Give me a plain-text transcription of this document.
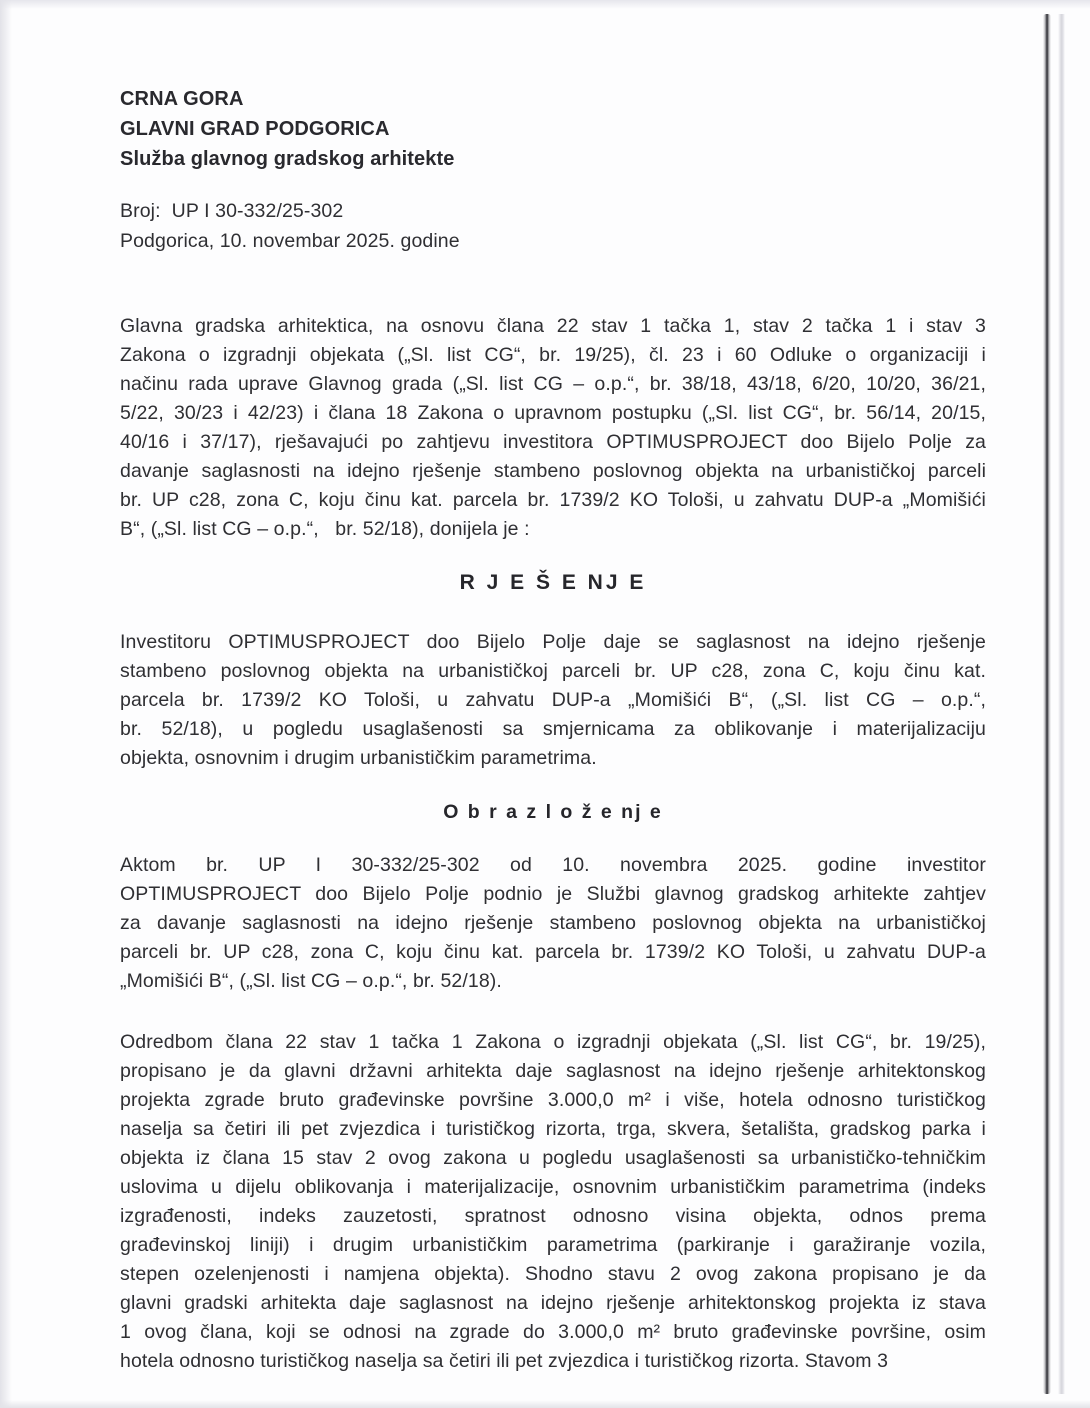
CRNA GORA
GLAVNI GRAD PODGORICA
Služba glavnog gradskog arhitekte
Broj:  UP I 30-332/25-302
Podgorica, 10. novembar 2025. godine
Glavna gradska arhitektica, na osnovu člana 22 stav 1 tačka 1, stav 2 tačka 1 i stav 3
Zakona o izgradnji objekata („Sl. list CG“, br. 19/25), čl. 23 i 60 Odluke o organizaciji i
načinu rada uprave Glavnog grada („Sl. list CG – o.p.“, br. 38/18, 43/18, 6/20, 10/20, 36/21,
5/22, 30/23 i 42/23) i člana 18 Zakona o upravnom postupku („Sl. list CG“, br. 56/14, 20/15,
40/16 i 37/17), rješavajući po zahtjevu investitora OPTIMUSPROJECT doo Bijelo Polje za
davanje saglasnosti na idejno rješenje stambeno poslovnog objekta na urbanističkoj parceli
br. UP c28, zona C, koju činu kat. parcela br. 1739/2 KO Tološi, u zahvatu DUP-a „Momišići
B“, („Sl. list CG – o.p.“,   br. 52/18), donijela je :
R J E Š E NJ E
Investitoru OPTIMUSPROJECT doo Bijelo Polje daje se saglasnost na idejno rješenje
stambeno poslovnog objekta na urbanističkoj parceli br. UP c28, zona C, koju činu kat.
parcela br. 1739/2 KO Tološi, u zahvatu DUP-a „Momišići B“, („Sl. list CG – o.p.“,
br. 52/18), u pogledu usaglašenosti sa smjernicama za oblikovanje i materijalizaciju
objekta, osnovnim i drugim urbanističkim parametrima.
O b r a z l o ž e nj e
Aktom br. UP I 30-332/25-302 od 10. novembra 2025. godine investitor
OPTIMUSPROJECT doo Bijelo Polje podnio je Službi glavnog gradskog arhitekte zahtjev
za davanje saglasnosti na idejno rješenje stambeno poslovnog objekta na urbanističkoj
parceli br. UP c28, zona C, koju činu kat. parcela br. 1739/2 KO Tološi, u zahvatu DUP-a
„Momišići B“, („Sl. list CG – o.p.“, br. 52/18).
Odredbom člana 22 stav 1 tačka 1 Zakona o izgradnji objekata („Sl. list CG“, br. 19/25),
propisano je da glavni državni arhitekta daje saglasnost na idejno rješenje arhitektonskog
projekta zgrade bruto građevinske površine 3.000,0 m² i više, hotela odnosno turističkog
naselja sa četiri ili pet zvjezdica i turističkog rizorta, trga, skvera, šetališta, gradskog parka i
objekta iz člana 15 stav 2 ovog zakona u pogledu usaglašenosti sa urbanističko-tehničkim
uslovima u dijelu oblikovanja i materijalizacije, osnovnim urbanističkim parametrima (indeks
izgrađenosti, indeks zauzetosti, spratnost odnosno visina objekta, odnos prema
građevinskoj liniji) i drugim urbanističkim parametrima (parkiranje i garažiranje vozila,
stepen ozelenjenosti i namjena objekta). Shodno stavu 2 ovog zakona propisano je da
glavni gradski arhitekta daje saglasnost na idejno rješenje arhitektonskog projekta iz stava
1 ovog člana, koji se odnosi na zgrade do 3.000,0 m² bruto građevinske površine, osim
hotela odnosno turističkog naselja sa četiri ili pet zvjezdica i turističkog rizorta. Stavom 3
